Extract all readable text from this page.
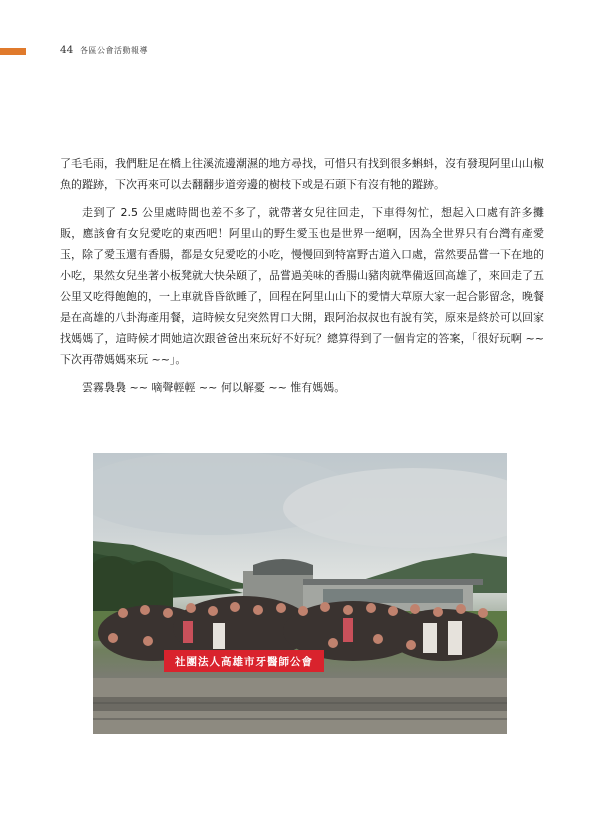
44 各區公會活動報導

了毛毛雨，我們駐足在橋上往溪流邊潮濕的地方尋找，可惜只有找到很多蝌蚪，沒有發現阿里山山椒魚的蹤跡，下次再來可以去翻翻步道旁邊的樹枝下或是石頭下有沒有牠的蹤跡。

走到了 2.5 公里處時間也差不多了，就帶著女兒往回走，下車得匆忙，想起入口處有許多攤販，應該會有女兒愛吃的東西吧！阿里山的野生愛玉也是世界一絕啊，因為全世界只有台灣有產愛玉，除了愛玉還有香腸，都是女兒愛吃的小吃，慢慢回到特富野古道入口處，當然要品嘗一下在地的小吃，果然女兒坐著小板凳就大快朵頤了，品嘗過美味的香腸山豬肉就準備返回高雄了，來回走了五公里又吃得飽飽的，一上車就昏昏欲睡了，回程在阿里山山下的愛情大草原大家一起合影留念，晚餐是在高雄的八卦海產用餐，這時候女兒突然胃口大開，跟阿治叔叔也有說有笑，原來是終於可以回家找媽媽了，這時候才問她這次跟爸爸出來玩好不好玩？總算得到了一個肯定的答案，「很好玩啊 ~~ 下次再帶媽媽來玩 ~~」。

雲霧裊裊 ~~ 嘀聲輕輕 ~~ 何以解憂 ~~ 惟有媽媽。

社團法人高雄市牙醫師公會
